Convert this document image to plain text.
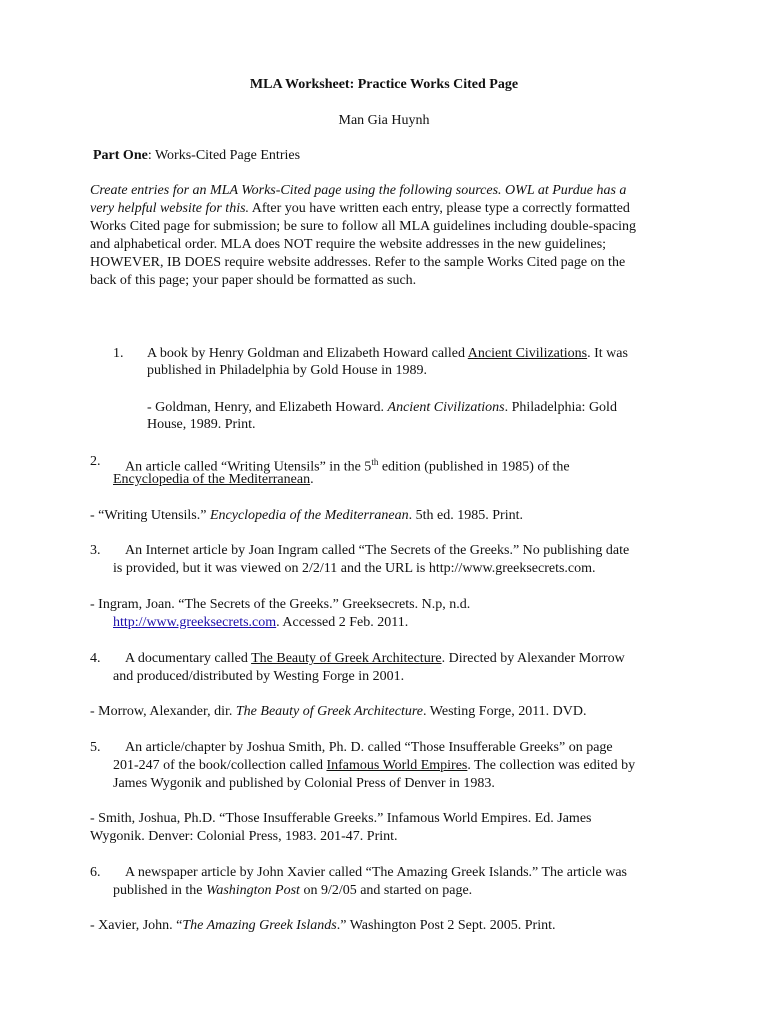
MLA Worksheet: Practice Works Cited Page
Man Gia Huynh
Part One: Works-Cited Page Entries
Create entries for an MLA Works-Cited page using the following sources. OWL at Purdue has a
very helpful website for this. After you have written each entry, please type a correctly formatted
Works Cited page for submission; be sure to follow all MLA guidelines including double-spacing
and alphabetical order. MLA does NOT require the website addresses in the new guidelines;
HOWEVER, IB DOES require website addresses. Refer to the sample Works Cited page on the
back of this page; your paper should be formatted as such.
1. A book by Henry Goldman and Elizabeth Howard called Ancient Civilizations. It was
published in Philadelphia by Gold House in 1989.
- Goldman, Henry, and Elizabeth Howard. Ancient Civilizations. Philadelphia: Gold
House, 1989. Print.
2. An article called “Writing Utensils” in the 5th edition (published in 1985) of the
Encyclopedia of the Mediterranean.
- “Writing Utensils.” Encyclopedia of the Mediterranean. 5th ed. 1985. Print.
3. An Internet article by Joan Ingram called “The Secrets of the Greeks.” No publishing date
is provided, but it was viewed on 2/2/11 and the URL is http://www.greeksecrets.com.
- Ingram, Joan. “The Secrets of the Greeks.” Greeksecrets. N.p, n.d.
http://www.greeksecrets.com. Accessed 2 Feb. 2011.
4. A documentary called The Beauty of Greek Architecture. Directed by Alexander Morrow
and produced/distributed by Westing Forge in 2001.
- Morrow, Alexander, dir. The Beauty of Greek Architecture. Westing Forge, 2011. DVD.
5. An article/chapter by Joshua Smith, Ph. D. called “Those Insufferable Greeks” on page
201-247 of the book/collection called Infamous World Empires. The collection was edited by
James Wygonik and published by Colonial Press of Denver in 1983.
- Smith, Joshua, Ph.D. “Those Insufferable Greeks.” Infamous World Empires. Ed. James
Wygonik. Denver: Colonial Press, 1983. 201-47. Print.
6. A newspaper article by John Xavier called “The Amazing Greek Islands.” The article was
published in the Washington Post on 9/2/05 and started on page.
- Xavier, John. “The Amazing Greek Islands.” Washington Post 2 Sept. 2005. Print.
